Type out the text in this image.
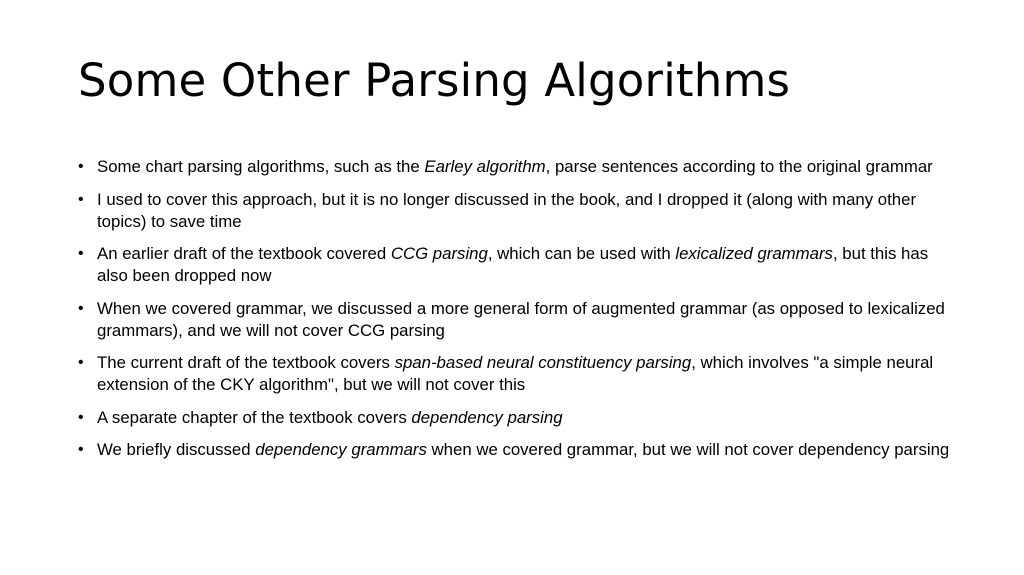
Some Other Parsing Algorithms
• Some chart parsing algorithms, such as the Earley algorithm, parse sentences according to the original grammar
• I used to cover this approach, but it is no longer discussed in the book, and I dropped it (along with many other topics) to save time
• An earlier draft of the textbook covered CCG parsing, which can be used with lexicalized grammars, but this has also been dropped now
• When we covered grammar, we discussed a more general form of augmented grammar (as opposed to lexicalized grammars), and we will not cover CCG parsing
• The current draft of the textbook covers span-based neural constituency parsing, which involves "a simple neural extension of the CKY algorithm", but we will not cover this
• A separate chapter of the textbook covers dependency parsing
• We briefly discussed dependency grammars when we covered grammar, but we will not cover dependency parsing
